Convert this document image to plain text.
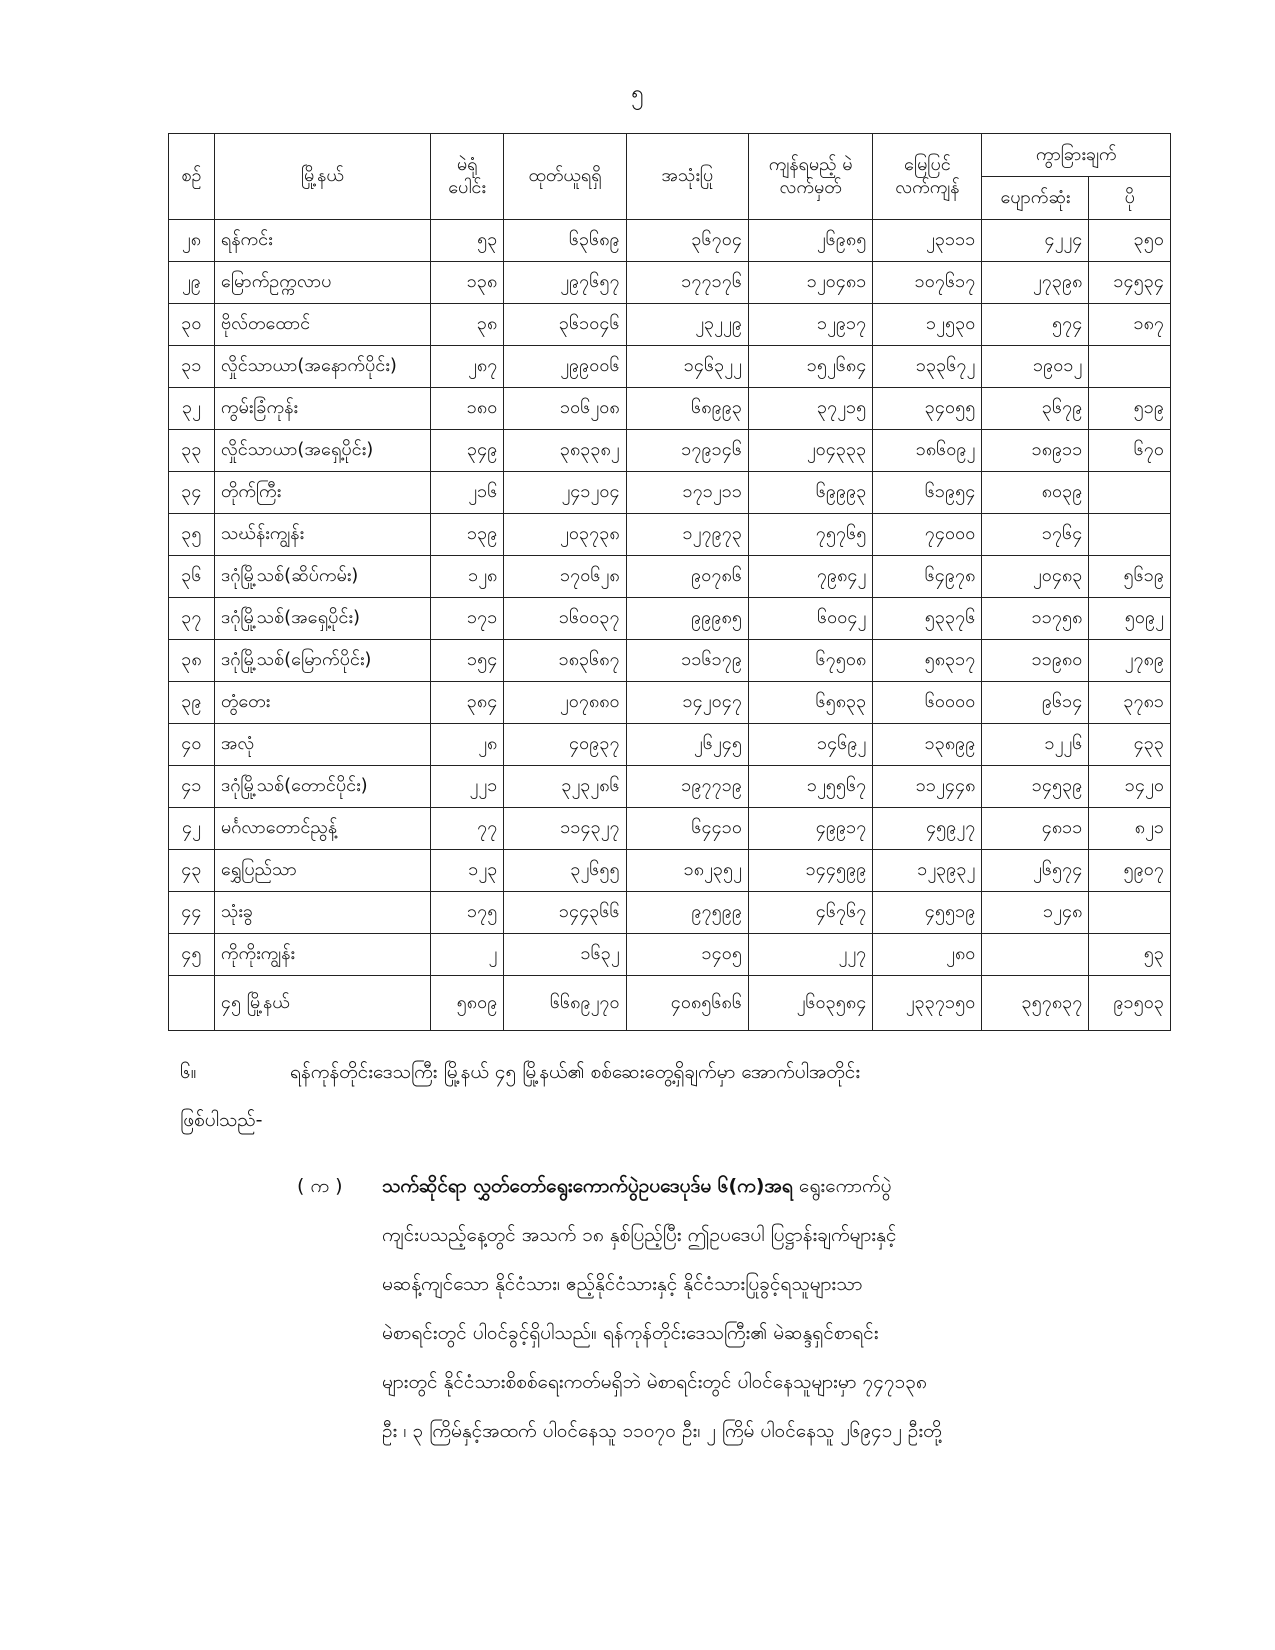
၅
စဉ်	မြို့နယ်	မဲရုံ ပေါင်း	ထုတ်ယူရရှိ	အသုံးပြု	ကျန်ရမည့် မဲလက်မှတ်	မြေပြင် လက်ကျန်	ကွာခြားချက်	
							ပျောက်ဆုံး	ပို
၂၈	ရန်ကင်း	၅၃	၆၃၆၈၉	၃၆၇၀၄	၂၆၉၈၅	၂၃၁၁၁	၄၂၂၄	၃၅၀
၂၉	မြောက်ဥက္ကလာပ	၁၃၈	၂၉၇၆၅၇	၁၇၇၁၇၆	၁၂၀၄၈၁	၁၀၇၆၁၇	၂၇၃၉၈	၁၄၅၃၄
၃၀	ဗိုလ်တထောင်	၃၈	၃၆၁၀၄၆	၂၃၂၂၉	၁၂၉၁၇	၁၂၅၃၀	၅၇၄	၁၈၇
၃၁	လှိုင်သာယာ(အနောက်ပိုင်း)	၂၈၇	၂၉၉၀၀၆	၁၄၆၃၂၂	၁၅၂၆၈၄	၁၃၃၆၇၂	၁၉၀၁၂	
၃၂	ကွမ်းခြံကုန်း	၁၈၀	၁၀၆၂၀၈	၆၈၉၉၃	၃၇၂၁၅	၃၄၀၅၅	၃၆၇၉	၅၁၉
၃၃	လှိုင်သာယာ(အရှေ့ပိုင်း)	၃၄၉	၃၈၃၃၈၂	၁၇၉၁၄၆	၂၀၄၃၃၃	၁၈၆၀၉၂	၁၈၉၁၁	၆၇၀
၃၄	တိုက်ကြီး	၂၁၆	၂၄၁၂၀၄	၁၇၁၂၁၁	၆၉၉၉၃	၆၁၉၅၄	၈၀၃၉	
၃၅	သဃ်န်းကျွန်း	၁၃၉	၂၀၃၇၃၈	၁၂၇၉၇၃	၇၅၇၆၅	၇၄၀၀၀	၁၇၆၄	
၃၆	ဒဂုံမြို့သစ်(ဆိပ်ကမ်း)	၁၂၈	၁၇၀၆၂၈	၉၀၇၈၆	၇၉၈၄၂	၆၄၉၇၈	၂၀၄၈၃	၅၆၁၉
၃၇	ဒဂုံမြို့သစ်(အရှေ့ပိုင်း)	၁၇၁	၁၆၀၀၃၇	၉၉၉၈၅	၆၀၀၄၂	၅၃၃၇၆	၁၁၇၅၈	၅၀၉၂
၃၈	ဒဂုံမြို့သစ်(မြောက်ပိုင်း)	၁၅၄	၁၈၃၆၈၇	၁၁၆၁၇၉	၆၇၅၀၈	၅၈၃၁၇	၁၁၉၈၀	၂၇၈၉
၃၉	တွံတေး	၃၈၄	၂၀၇၈၈၀	၁၄၂၀၄၇	၆၅၈၃၃	၆၀၀၀၀	၉၆၁၄	၃၇၈၁
၄၀	အလုံ	၂၈	၄၀၉၃၇	၂၆၂၄၅	၁၄၆၉၂	၁၃၈၉၉	၁၂၂၆	၄၃၃
၄၁	ဒဂုံမြို့သစ်(တောင်ပိုင်း)	၂၂၁	၃၂၃၂၈၆	၁၉၇၇၁၉	၁၂၅၅၆၇	၁၁၂၄၄၈	၁၄၅၃၉	၁၄၂၀
၄၂	မင်္ဂလာတောင်ညွန့်	၇၇	၁၁၄၃၂၇	၆၄၄၁၀	၄၉၉၁၇	၄၅၉၂၇	၄၈၁၁	၈၂၁
၄၃	ရွှေပြည်သာ	၁၂၃	၃၂၆၅၅	၁၈၂၃၅၂	၁၄၄၅၉၉	၁၂၃၉၃၂	၂၆၅၇၄	၅၉၀၇
၄၄	သုံးခွ	၁၇၅	၁၄၄၃၆၆	၉၇၅၉၉	၄၆၇၆၇	၄၅၅၁၉	၁၂၄၈	
၄၅	ကိုကိုးကျွန်း	၂	၁၆၃၂	၁၄၀၅	၂၂၇	၂၈၀		၅၃
	၄၅ မြို့နယ်	၅၈၀၉	၆၆၈၉၂၇၀	၄၀၈၅၆၈၆	၂၆၀၃၅၈၄	၂၃၃၇၁၅၀	၃၅၇၈၃၇	၉၁၅၀၃
၆။	ရန်ကုန်တိုင်းဒေသကြီး မြို့နယ် ၄၅ မြို့နယ်၏ စစ်ဆေးတွေ့ရှိချက်မှာ အောက်ပါအတိုင်း
ဖြစ်ပါသည်-
( က )	သက်ဆိုင်ရာ လွှတ်တော်ရွေးကောက်ပွဲဥပဒေပုဒ်မ ၆(က)အရ ရွေးကောက်ပွဲ
ကျင်းပသည့်နေ့တွင် အသက် ၁၈ နှစ်ပြည့်ပြီး ဤဥပဒေပါ ပြဋ္ဌာန်းချက်များနှင့်
မဆန့်ကျင်သော နိုင်ငံသား၊ ဧည့်နိုင်ငံသားနှင့် နိုင်ငံသားပြုခွင့်ရသူများသာ
မဲစာရင်းတွင် ပါဝင်ခွင့်ရှိပါသည်။ ရန်ကုန်တိုင်းဒေသကြီး၏ မဲဆန္ဒရှင်စာရင်း
များတွင် နိုင်ငံသားစိစစ်ရေးကတ်မရှိဘဲ မဲစာရင်းတွင် ပါဝင်နေသူများမှာ ၇၄၇၁၃၈
ဦး ၊ ၃ ကြိမ်နှင့်အထက် ပါဝင်နေသူ ၁၁၀၇၀ ဦး၊ ၂ ကြိမ် ပါဝင်နေသူ ၂၆၉၄၁၂ ဦးတို့
